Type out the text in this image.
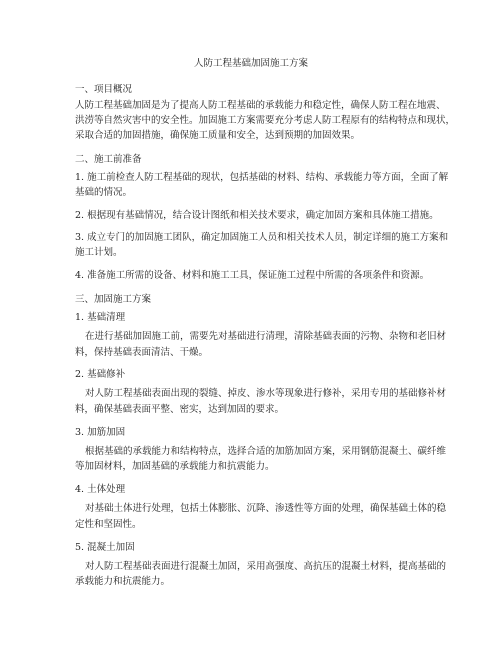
人防工程基础加固施工方案
一、项目概况
人防工程基础加固是为了提高人防工程基础的承载能力和稳定性，确保人防工程在地震、
洪涝等自然灾害中的安全性。加固施工方案需要充分考虑人防工程原有的结构特点和现状，
采取合适的加固措施，确保施工质量和安全，达到预期的加固效果。
二、施工前准备
1. 施工前检查人防工程基础的现状，包括基础的材料、结构、承载能力等方面，全面了解
基础的情况。
2. 根据现有基础情况，结合设计图纸和相关技术要求，确定加固方案和具体施工措施。
3. 成立专门的加固施工团队，确定加固施工人员和相关技术人员，制定详细的施工方案和
施工计划。
4. 准备施工所需的设备、材料和施工工具，保证施工过程中所需的各项条件和资源。
三、加固施工方案
1. 基础清理
在进行基础加固施工前，需要先对基础进行清理，清除基础表面的污物、杂物和老旧材
料，保持基础表面清洁、干燥。
2. 基础修补
对人防工程基础表面出现的裂缝、掉皮、渗水等现象进行修补，采用专用的基础修补材
料，确保基础表面平整、密实，达到加固的要求。
3. 加筋加固
根据基础的承载能力和结构特点，选择合适的加筋加固方案，采用钢筋混凝土、碳纤维
等加固材料，加固基础的承载能力和抗震能力。
4. 土体处理
对基础土体进行处理，包括土体膨胀、沉降、渗透性等方面的处理，确保基础土体的稳
定性和坚固性。
5. 混凝土加固
对人防工程基础表面进行混凝土加固，采用高强度、高抗压的混凝土材料，提高基础的
承载能力和抗震能力。
